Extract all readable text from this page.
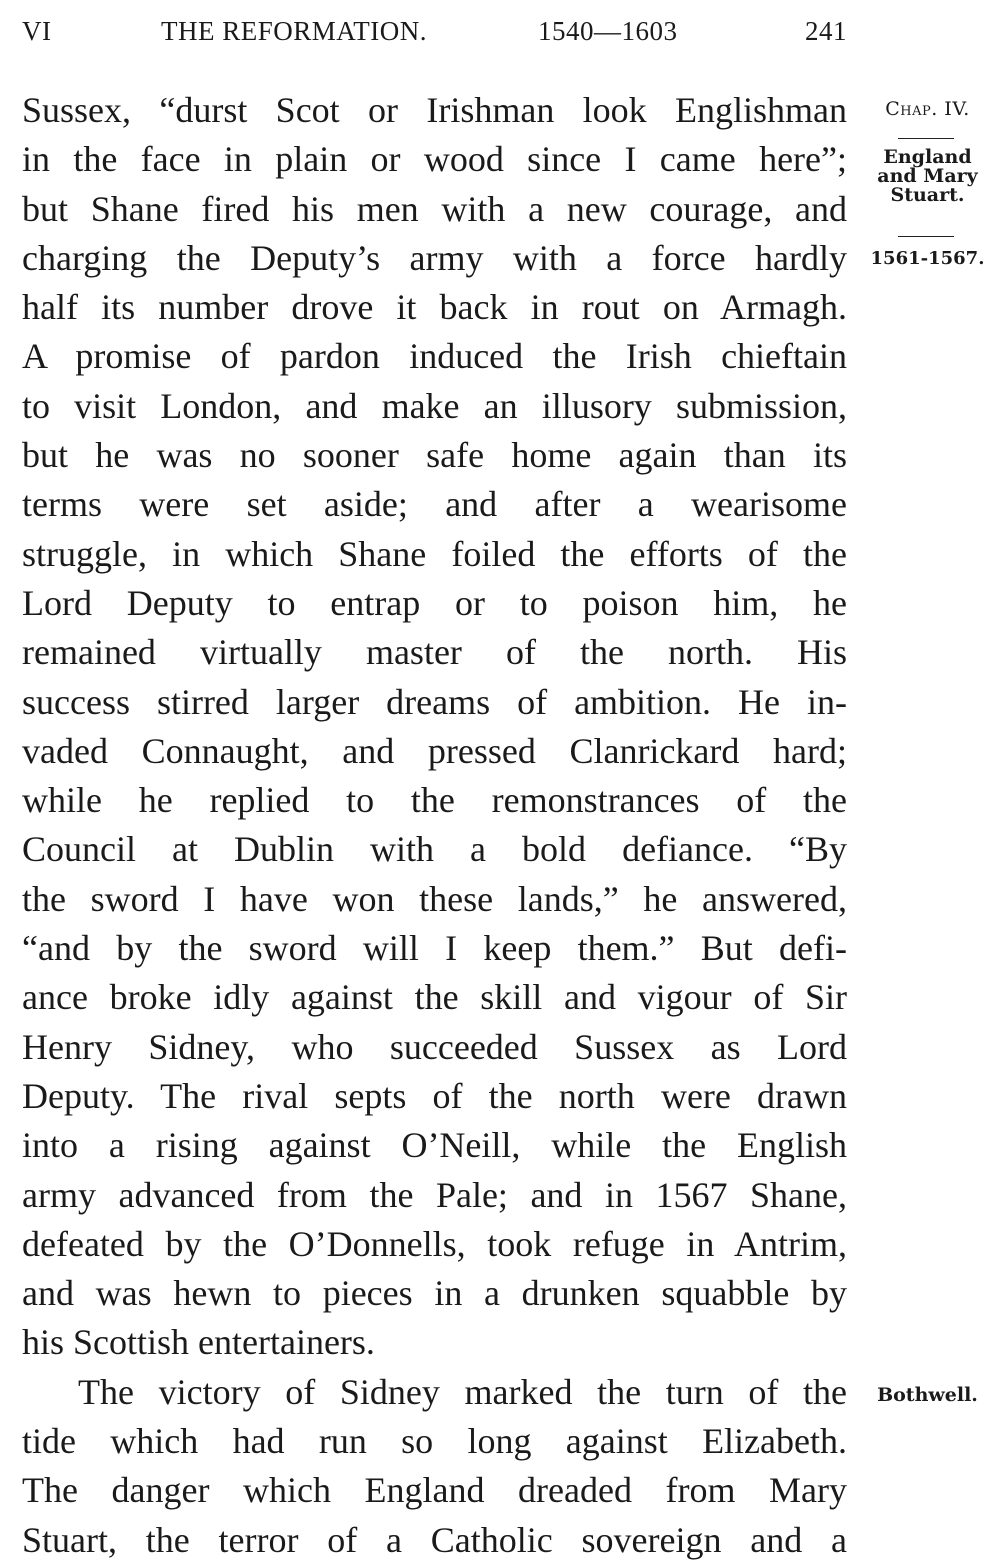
VI	THE REFORMATION.	1540—1603	241
Sussex, “durst Scot or Irishman look Englishman
in the face in plain or wood since I came here”;
but Shane fired his men with a new courage, and
charging the Deputy’s army with a force hardly
half its number drove it back in rout on Armagh.
A promise of pardon induced the Irish chieftain
to visit London, and make an illusory submission,
but he was no sooner safe home again than its
terms were set aside; and after a wearisome
struggle, in which Shane foiled the efforts of the
Lord Deputy to entrap or to poison him, he
remained virtually master of the north. His
success stirred larger dreams of ambition. He in-
vaded Connaught, and pressed Clanrickard hard;
while he replied to the remonstrances of the
Council at Dublin with a bold defiance. “By
the sword I have won these lands,” he answered,
“and by the sword will I keep them.” But defi-
ance broke idly against the skill and vigour of Sir
Henry Sidney, who succeeded Sussex as Lord
Deputy. The rival septs of the north were drawn
into a rising against O’Neill, while the English
army advanced from the Pale; and in 1567 Shane,
defeated by the O’Donnells, took refuge in Antrim,
and was hewn to pieces in a drunken squabble by
his Scottish entertainers.
The victory of Sidney marked the turn of the
tide which had run so long against Elizabeth.
The danger which England dreaded from Mary
Stuart, the terror of a Catholic sovereign and a
Chap. IV.
England
and Mary
Stuart.
1561-1567.
Bothwell.
